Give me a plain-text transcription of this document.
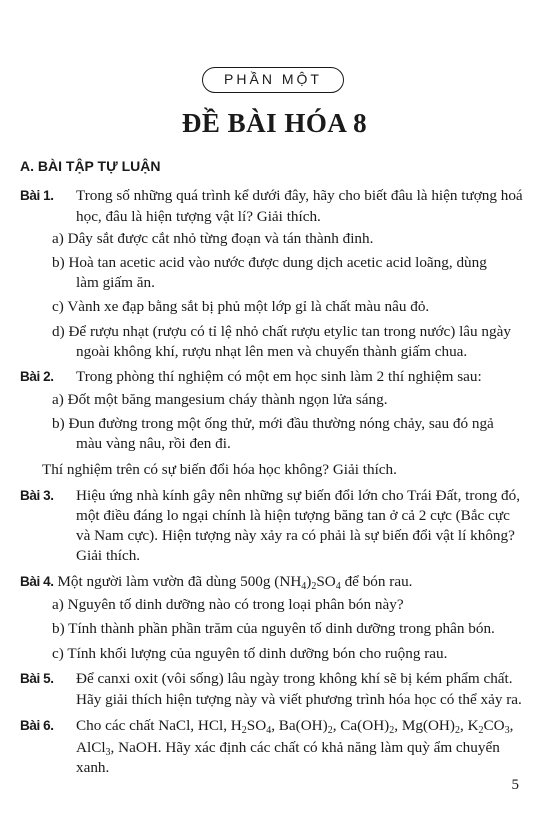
PHẦN MỘT
ĐỀ BÀI HÓA 8
A. BÀI TẬP TỰ LUẬN
Bài 1. Trong số những quá trình kể dưới đây, hãy cho biết đâu là hiện tượng hoá
học, đâu là hiện tượng vật lí? Giải thích.
a) Dây sắt được cắt nhỏ từng đoạn và tán thành đinh.
b) Hoà tan acetic acid vào nước được dung dịch acetic acid loãng, dùng
làm giấm ăn.
c) Vành xe đạp bằng sắt bị phủ một lớp gỉ là chất màu nâu đỏ.
d) Để rượu nhạt (rượu có tỉ lệ nhỏ chất rượu etylic tan trong nước) lâu ngày
ngoài không khí, rượu nhạt lên men và chuyển thành giấm chua.
Bài 2. Trong phòng thí nghiệm có một em học sinh làm 2 thí nghiệm sau:
a) Đốt một băng mangesium cháy thành ngọn lửa sáng.
b) Đun đường trong một ống thử, mới đầu thường nóng chảy, sau đó ngả
màu vàng nâu, rồi đen đi.
Thí nghiệm trên có sự biến đổi hóa học không? Giải thích.
Bài 3. Hiệu ứng nhà kính gây nên những sự biến đổi lớn cho Trái Đất, trong đó,
một điều đáng lo ngại chính là hiện tượng băng tan ở cả 2 cực (Bắc cực
và Nam cực). Hiện tượng này xảy ra có phải là sự biến đổi vật lí không?
Giải thích.
Bài 4. Một người làm vườn đã dùng 500g $(NH_4)_2SO_4$ để bón rau.
a) Nguyên tố dinh dưỡng nào có trong loại phân bón này?
b) Tính thành phần phần trăm của nguyên tố dinh dưỡng trong phân bón.
c) Tính khối lượng của nguyên tố dinh dưỡng bón cho ruộng rau.
Bài 5. Để canxi oxit (vôi sống) lâu ngày trong không khí sẽ bị kém phẩm chất.
Hãy giải thích hiện tượng này và viết phương trình hóa học có thể xảy ra.
Bài 6. Cho các chất NaCl, HCl, $H_2SO_4$, $Ba(OH)_2$, $Ca(OH)_2$, $Mg(OH)_2$, $K_2CO_3$,
AlCl$_3$, NaOH. Hãy xác định các chất có khả năng làm quỳ ẩm chuyển
xanh.
5
